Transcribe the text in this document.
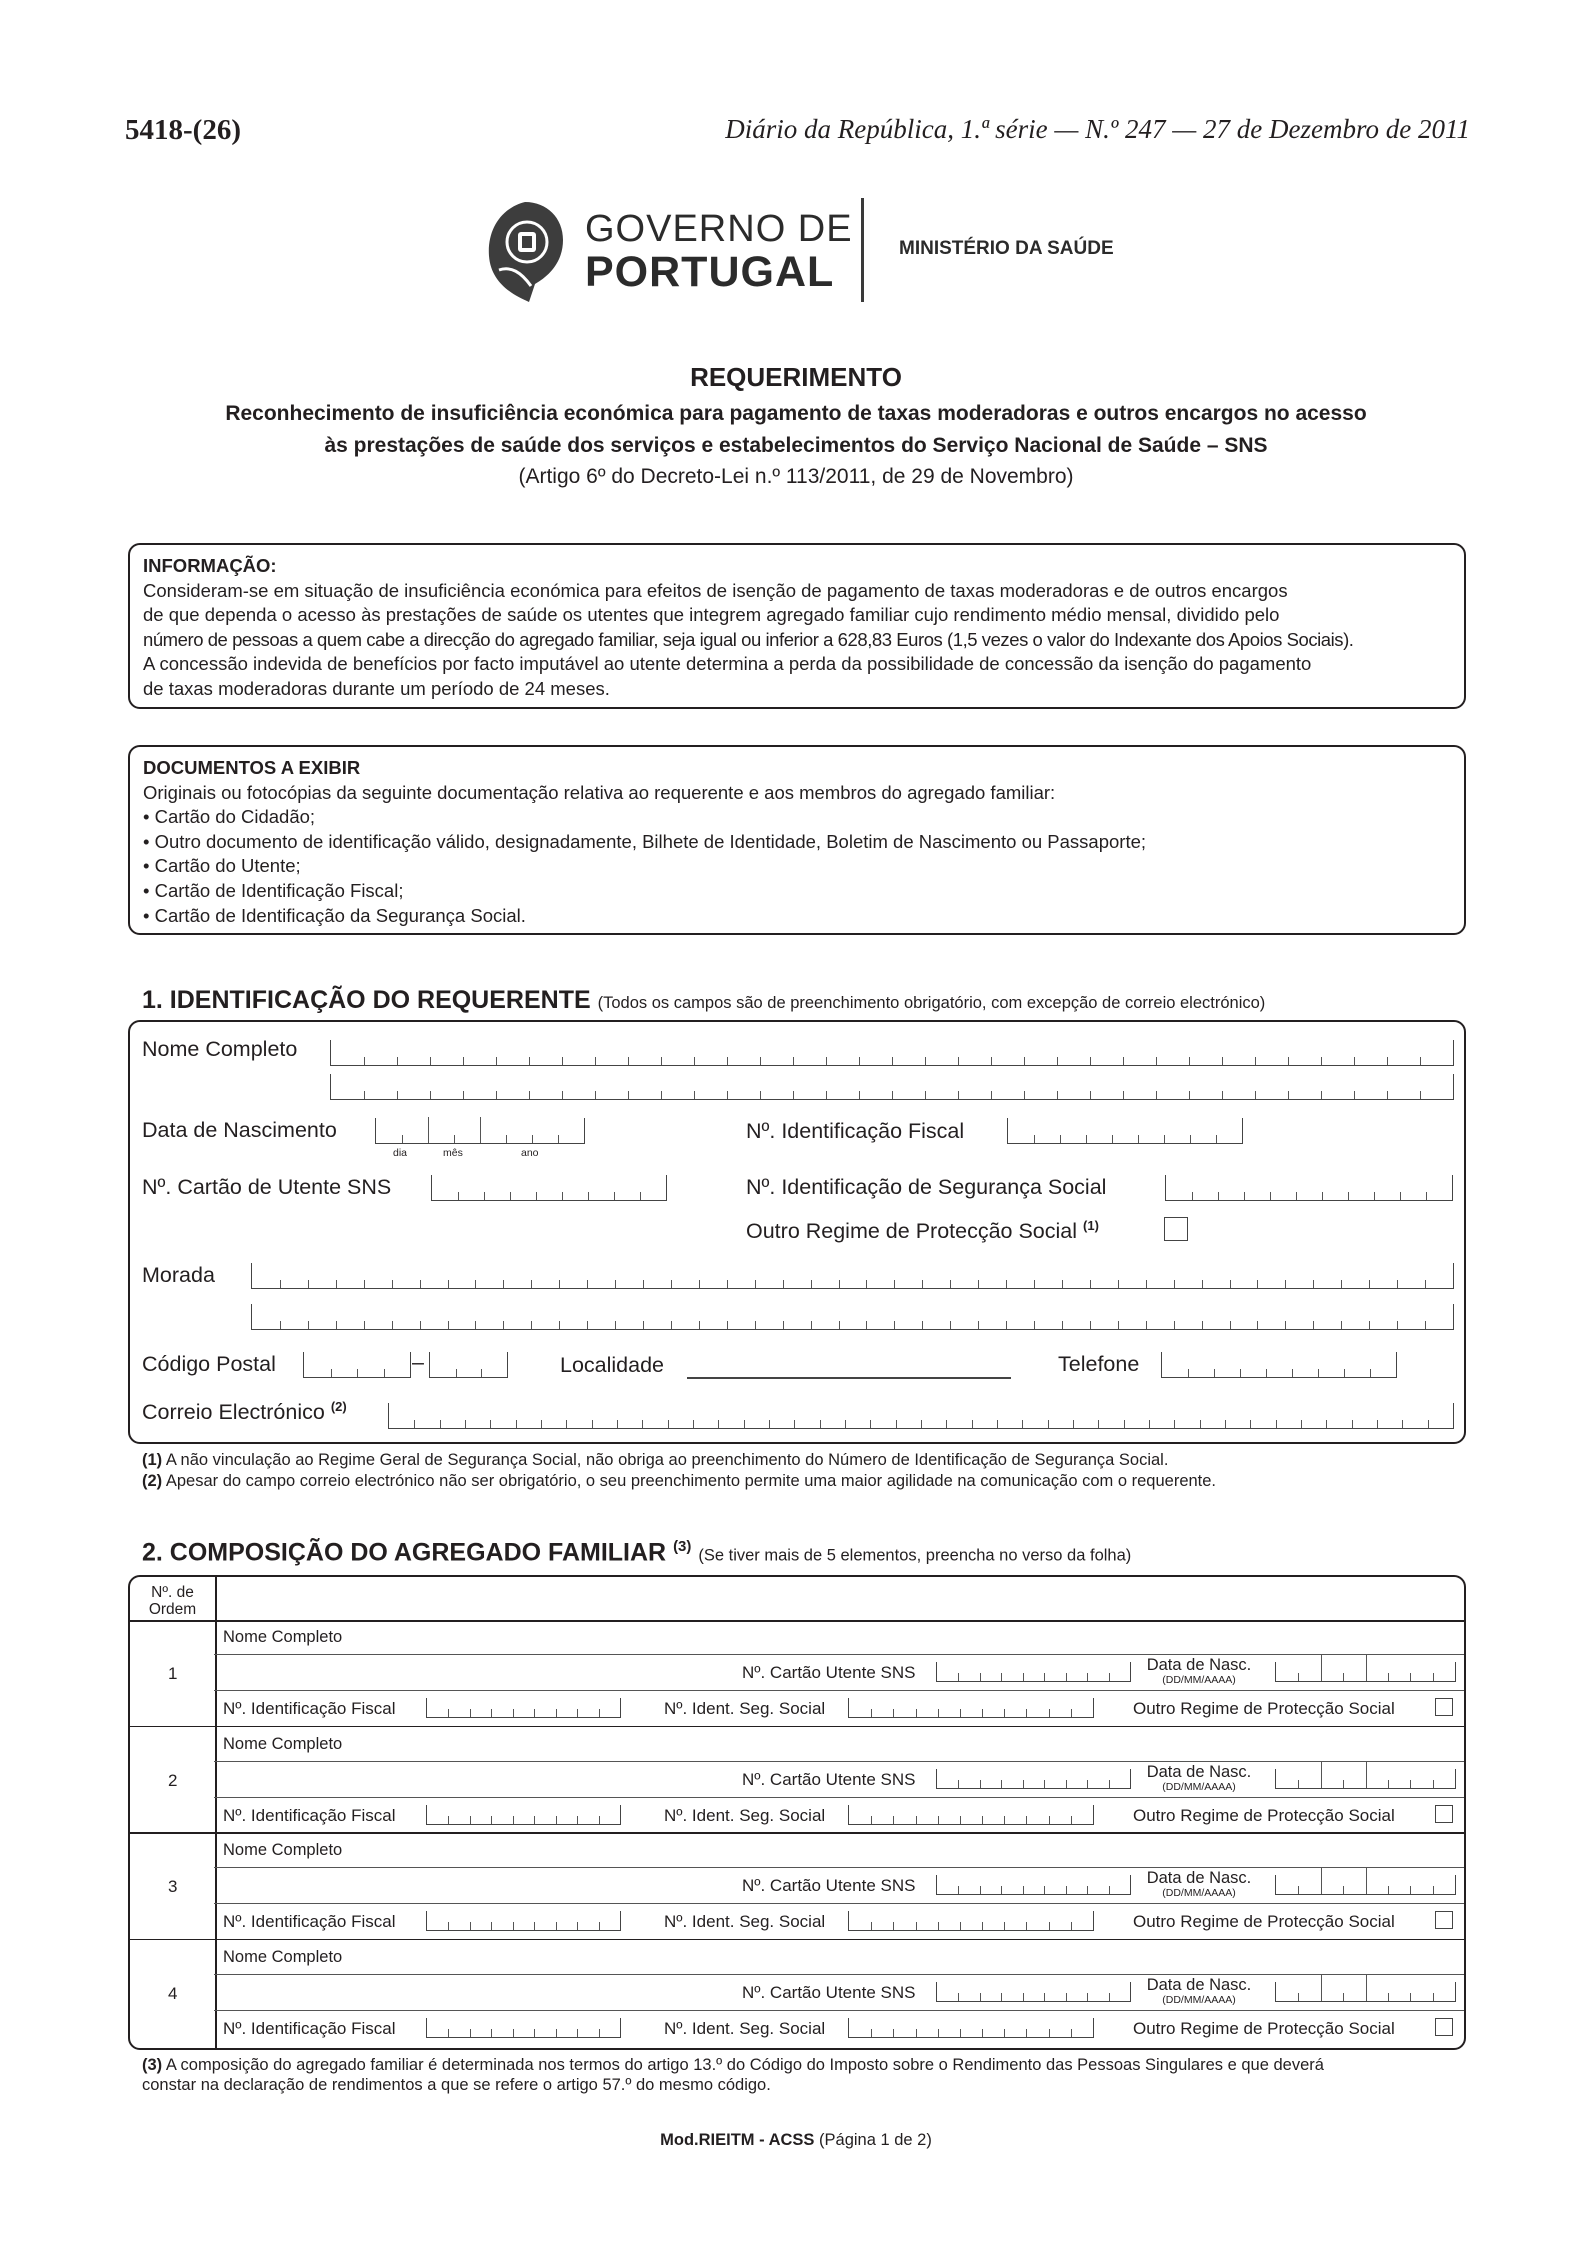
5418-(26)	Diário da República, 1.ª série — N.º 247 — 27 de Dezembro de 2011
GOVERNO DE
PORTUGAL	MINISTÉRIO DA SAÚDE
REQUERIMENTO
Reconhecimento de insuficiência económica para pagamento de taxas moderadoras e outros encargos no acesso
às prestações de saúde dos serviços e estabelecimentos do Serviço Nacional de Saúde – SNS
(Artigo 6º do Decreto-Lei n.º 113/2011, de 29 de Novembro)
INFORMAÇÃO:
Consideram-se em situação de insuficiência económica para efeitos de isenção de pagamento de taxas moderadoras e de outros encargos
de que dependa o acesso às prestações de saúde os utentes que integrem agregado familiar cujo rendimento médio mensal, dividido pelo
número de pessoas a quem cabe a direcção do agregado familiar, seja igual ou inferior a 628,83 Euros (1,5 vezes o valor do Indexante dos Apoios Sociais).
A concessão indevida de benefícios por facto imputável ao utente determina a perda da possibilidade de concessão da isenção do pagamento
de taxas moderadoras durante um período de 24 meses.
DOCUMENTOS A EXIBIR
Originais ou fotocópias da seguinte documentação relativa ao requerente e aos membros do agregado familiar:
• Cartão do Cidadão;
• Outro documento de identificação válido, designadamente, Bilhete de Identidade, Boletim de Nascimento ou Passaporte;
• Cartão do Utente;
• Cartão de Identificação Fiscal;
• Cartão de Identificação da Segurança Social.
1. IDENTIFICAÇÃO DO REQUERENTE (Todos os campos são de preenchimento obrigatório, com excepção de correio electrónico)
Nome Completo
Data de Nascimento
dia	mês	ano
Nº. Identificação Fiscal
Nº. Cartão de Utente SNS	Nº. Identificação de Segurança Social
Outro Regime de Protecção Social $^{(1)}$
Morada
Código Postal	–	Localidade	Telefone
Correio Electrónico $^{(2)}$
(1) A não vinculação ao Regime Geral de Segurança Social, não obriga ao preenchimento do Número de Identificação de Segurança Social.
(2) Apesar do campo correio electrónico não ser obrigatório, o seu preenchimento permite uma maior agilidade na comunicação com o requerente.
2. COMPOSIÇÃO DO AGREGADO FAMILIAR $^{(3)}$ (Se tiver mais de 5 elementos, preencha no verso da folha)
Nº. de
Ordem
1
Nome Completo
Nº. Cartão Utente SNS	Data de Nasc.
(DD/MM/AAAA)
Nº. Identificação Fiscal	Nº. Ident. Seg. Social	Outro Regime de Protecção Social
2
Nome Completo
Nº. Cartão Utente SNS	Data de Nasc.
(DD/MM/AAAA)
Nº. Identificação Fiscal	Nº. Ident. Seg. Social	Outro Regime de Protecção Social
3
Nome Completo
Nº. Cartão Utente SNS	Data de Nasc.
(DD/MM/AAAA)
Nº. Identificação Fiscal	Nº. Ident. Seg. Social	Outro Regime de Protecção Social
4
Nome Completo
Nº. Cartão Utente SNS	Data de Nasc.
(DD/MM/AAAA)
Nº. Identificação Fiscal	Nº. Ident. Seg. Social	Outro Regime de Protecção Social
(3) A composição do agregado familiar é determinada nos termos do artigo 13.º do Código do Imposto sobre o Rendimento das Pessoas Singulares e que deverá
constar na declaração de rendimentos a que se refere o artigo 57.º do mesmo código.
Mod.RIEITM - ACSS (Página 1 de 2)
